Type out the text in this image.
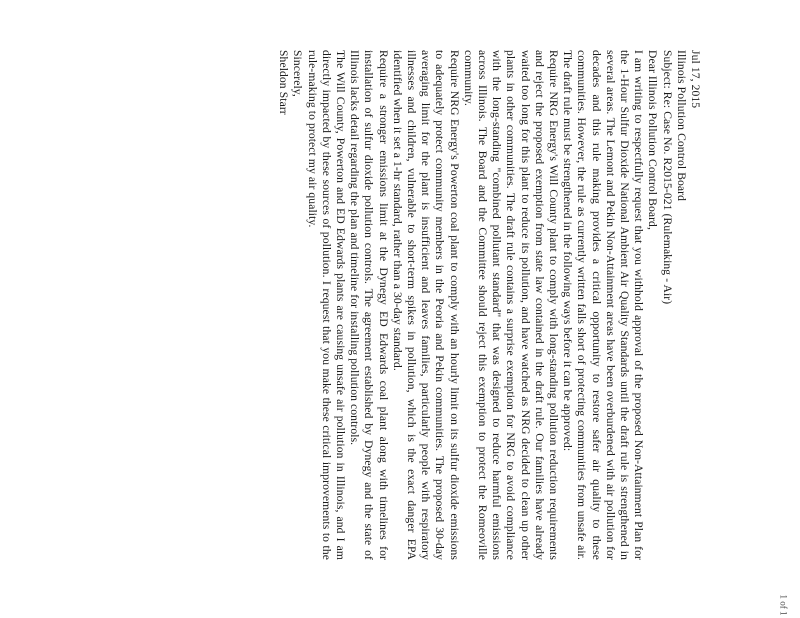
Jul 17, 2015

Illinois Pollution Control Board

Subject: Re: Case No. R2015-021 (Rulemaking - Air)

Dear Illinois Pollution Control Board,

I am writing to respectfully request that you withhold approval of the proposed Non-Attainment Plan for the 1-Hour Sulfur Dioxide National Ambient Air Quality Standards until the draft rule is strengthened in several areas. The Lemont and Pekin Non-Attainment areas have been overburdened with air pollution for decades and this rule making provides a critical opportunity to restore safer air quality to these communities. However, the rule as currently written falls short of protecting communities from unsafe air. The draft rule must be strengthened in the following ways before it can be approved:

Require NRG Energy's Will County plant to comply with long-standing pollution reduction requirements and reject the proposed exemption from state law contained in the draft rule. Our families have already waited too long for this plant to reduce its pollution, and have watched as NRG decided to clean up other plants in other communities. The draft rule contains a surprise exemption for NRG to avoid compliance with the long-standing "combined pollutant standard" that was designed to reduce harmful emissions across Illinois. The Board and the Committee should reject this exemption to protect the Romeoville community.

Require NRG Energy's Powerton coal plant to comply with an hourly limit on its sulfur dioxide emissions to adequately protect community members in the Peoria and Pekin communities. The proposed 30-day averaging limit for the plant is insufficient and leaves families, particularly people with respiratory illnesses and children, vulnerable to short-term spikes in pollution, which is the exact danger EPA identified when it set a 1-hr standard, rather than a 30-day standard.

Require a stronger emissions limit at the Dynegy ED Edwards coal plant along with timelines for installation of sulfur dioxide pollution controls. The agreement established by Dynegy and the state of Illinois lacks detail regarding the plan and timeline for installing pollution controls.

The Will County, Powerton and ED Edwards plants are causing unsafe air pollution in Illinois, and I am directly impacted by these sources of pollution. I request that you make these critical improvements to the rule-making to protect my air quality.

Sincerely,

Sheldon Starr

1 of 1
